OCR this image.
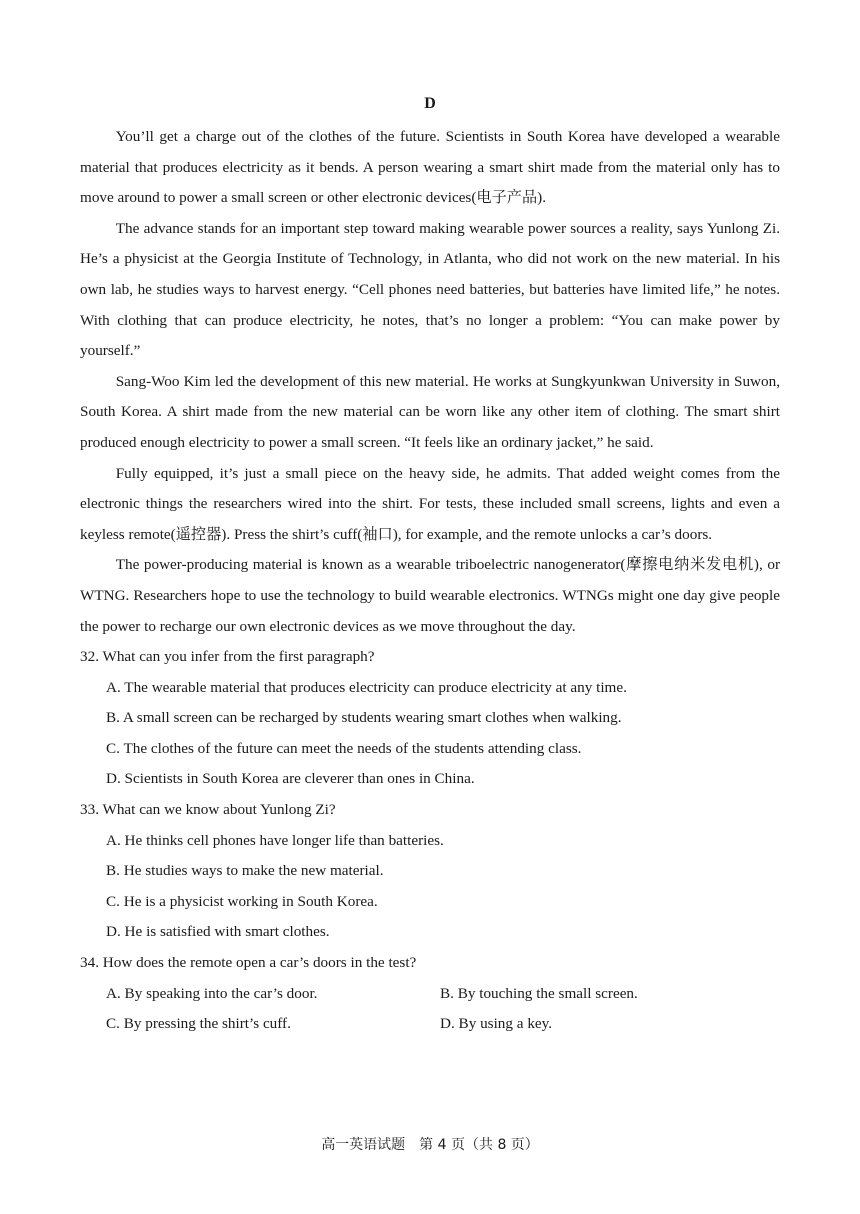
D

You’ll get a charge out of the clothes of the future. Scientists in South Korea have developed a wearable material that produces electricity as it bends. A person wearing a smart shirt made from the material only has to move around to power a small screen or other electronic devices(电子产品).

The advance stands for an important step toward making wearable power sources a reality, says Yunlong Zi. He’s a physicist at the Georgia Institute of Technology, in Atlanta, who did not work on the new material. In his own lab, he studies ways to harvest energy. “Cell phones need batteries, but batteries have limited life,” he notes. With clothing that can produce electricity, he notes, that’s no longer a problem: “You can make power by yourself.”

Sang-Woo Kim led the development of this new material. He works at Sungkyunkwan University in Suwon, South Korea. A shirt made from the new material can be worn like any other item of clothing. The smart shirt produced enough electricity to power a small screen. “It feels like an ordinary jacket,” he said.

Fully equipped, it’s just a small piece on the heavy side, he admits. That added weight comes from the electronic things the researchers wired into the shirt. For tests, these included small screens, lights and even a keyless remote(遥控器). Press the shirt’s cuff(袖口), for example, and the remote unlocks a car’s doors.

The power-producing material is known as a wearable triboelectric nanogenerator(摩擦电纳米发电机), or WTNG. Researchers hope to use the technology to build wearable electronics. WTNGs might one day give people the power to recharge our own electronic devices as we move throughout the day.

32. What can you infer from the first paragraph?

A. The wearable material that produces electricity can produce electricity at any time.

B. A small screen can be recharged by students wearing smart clothes when walking.

C. The clothes of the future can meet the needs of the students attending class.

D. Scientists in South Korea are cleverer than ones in China.

33. What can we know about Yunlong Zi?

A. He thinks cell phones have longer life than batteries.

B. He studies ways to make the new material.

C. He is a physicist working in South Korea.

D. He is satisfied with smart clothes.

34. How does the remote open a car’s doors in the test?

A. By speaking into the car’s door.	B. By touching the small screen.
C. By pressing the shirt’s cuff.	D. By using a key.
高一英语试题　第 4 页（共 8 页）
